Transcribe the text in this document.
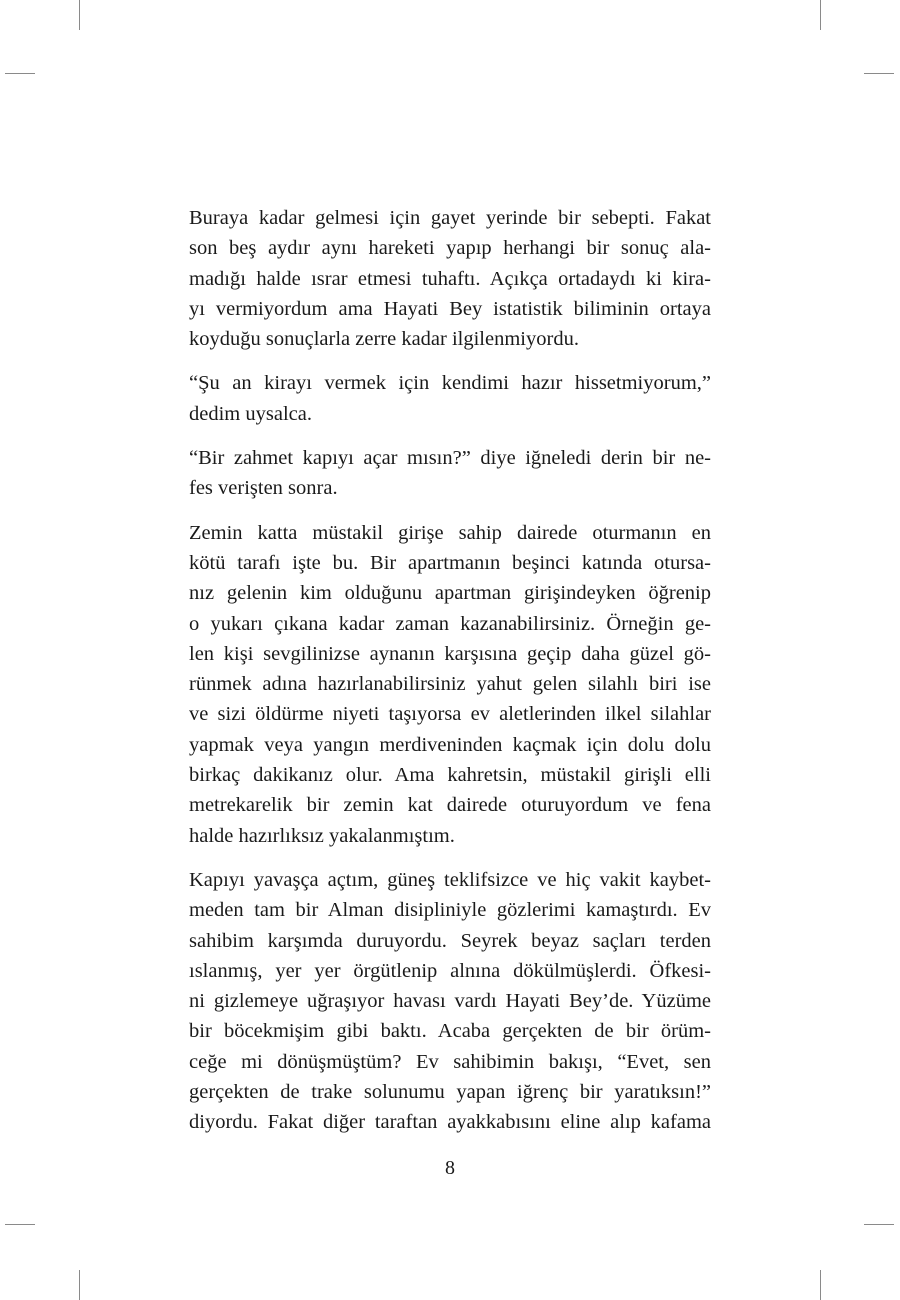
Buraya kadar gelmesi için gayet yerinde bir sebepti. Fakat
son beş aydır aynı hareketi yapıp herhangi bir sonuç ala-
madığı halde ısrar etmesi tuhaftı. Açıkça ortadaydı ki kira-
yı vermiyordum ama Hayati Bey istatistik biliminin ortaya
koyduğu sonuçlarla zerre kadar ilgilenmiyordu.

“Şu an kirayı vermek için kendimi hazır hissetmiyorum,”
dedim uysalca.

“Bir zahmet kapıyı açar mısın?” diye iğneledi derin bir ne-
fes verişten sonra.

Zemin katta müstakil girişe sahip dairede oturmanın en
kötü tarafı işte bu. Bir apartmanın beşinci katında otursa-
nız gelenin kim olduğunu apartman girişindeyken öğrenip
o yukarı çıkana kadar zaman kazanabilirsiniz. Örneğin ge-
len kişi sevgilinizse aynanın karşısına geçip daha güzel gö-
rünmek adına hazırlanabilirsiniz yahut gelen silahlı biri ise
ve sizi öldürme niyeti taşıyorsa ev aletlerinden ilkel silahlar
yapmak veya yangın merdiveninden kaçmak için dolu dolu
birkaç dakikanız olur. Ama kahretsin, müstakil girişli elli
metrekarelik bir zemin kat dairede oturuyordum ve fena
halde hazırlıksız yakalanmıştım.

Kapıyı yavaşça açtım, güneş teklifsizce ve hiç vakit kaybet-
meden tam bir Alman disipliniyle gözlerimi kamaştırdı. Ev
sahibim karşımda duruyordu. Seyrek beyaz saçları terden
ıslanmış, yer yer örgütlenip alnına dökülmüşlerdi. Öfkesi-
ni gizlemeye uğraşıyor havası vardı Hayati Bey’de. Yüzüme
bir böcekmişim gibi baktı. Acaba gerçekten de bir örüm-
ceğe mi dönüşmüştüm? Ev sahibimin bakışı, “Evet, sen
gerçekten de trake solunumu yapan iğrenç bir yaratıksın!”
diyordu. Fakat diğer taraftan ayakkabısını eline alıp kafama

8
